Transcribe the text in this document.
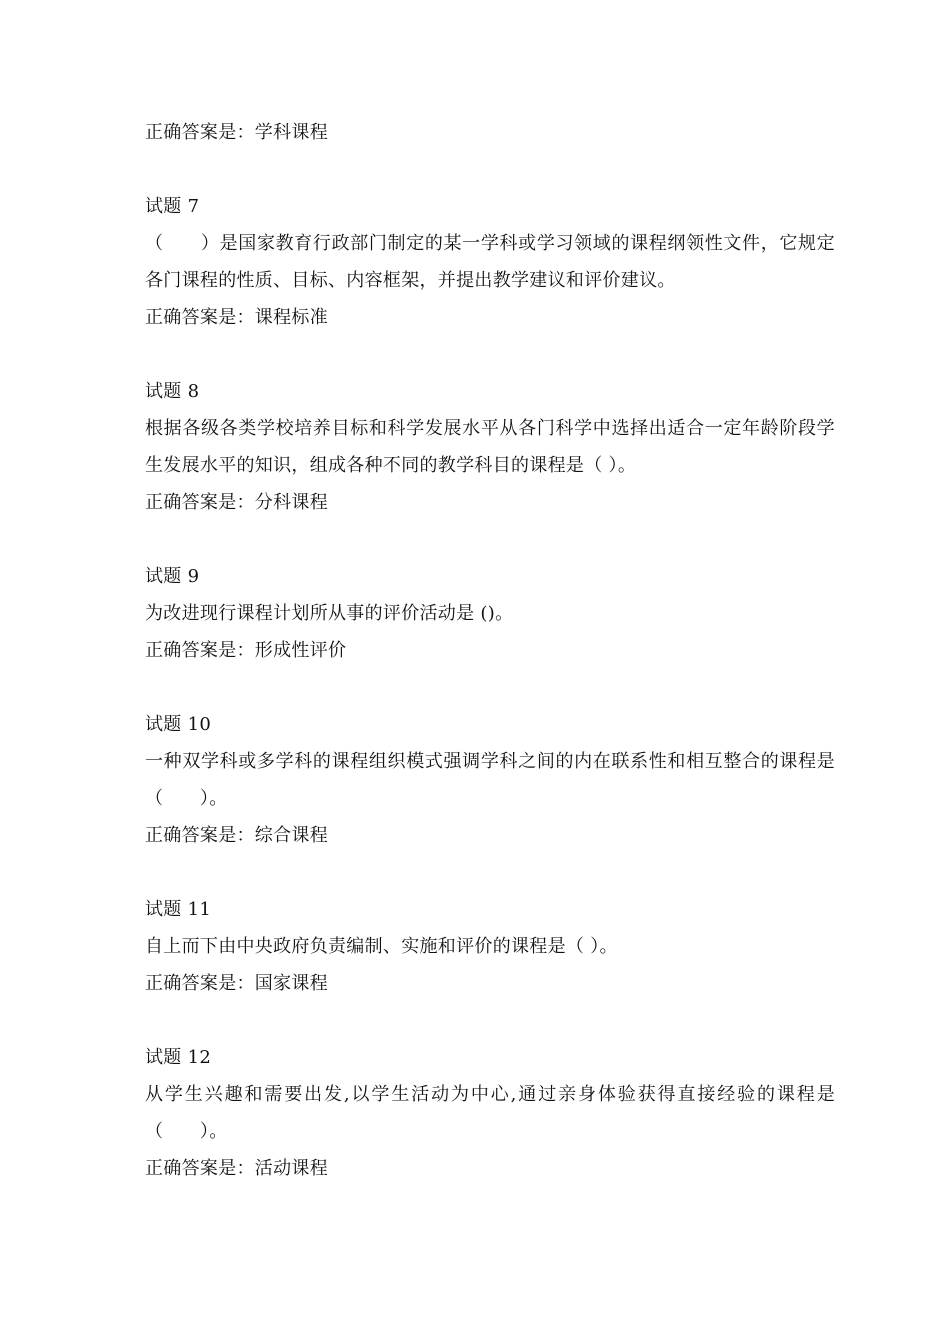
正确答案是：学科课程
试题 7
（　　）是国家教育行政部门制定的某一学科或学习领域的课程纲领性文件，它规定各门课程的性质、目标、内容框架，并提出教学建议和评价建议。
正确答案是：课程标准
试题 8
根据各级各类学校培养目标和科学发展水平从各门科学中选择出适合一定年龄阶段学生发展水平的知识，组成各种不同的教学科目的课程是（ ）。
正确答案是：分科课程
试题 9
为改进现行课程计划所从事的评价活动是 ()。
正确答案是：形成性评价
试题 10
一种双学科或多学科的课程组织模式强调学科之间的内在联系性和相互整合的课程是（　　）。
正确答案是：综合课程
试题 11
自上而下由中央政府负责编制、实施和评价的课程是（ ）。
正确答案是：国家课程
试题 12
从学生兴趣和需要出发,以学生活动为中心,通过亲身体验获得直接经验的课程是（　　）。
正确答案是：活动课程
